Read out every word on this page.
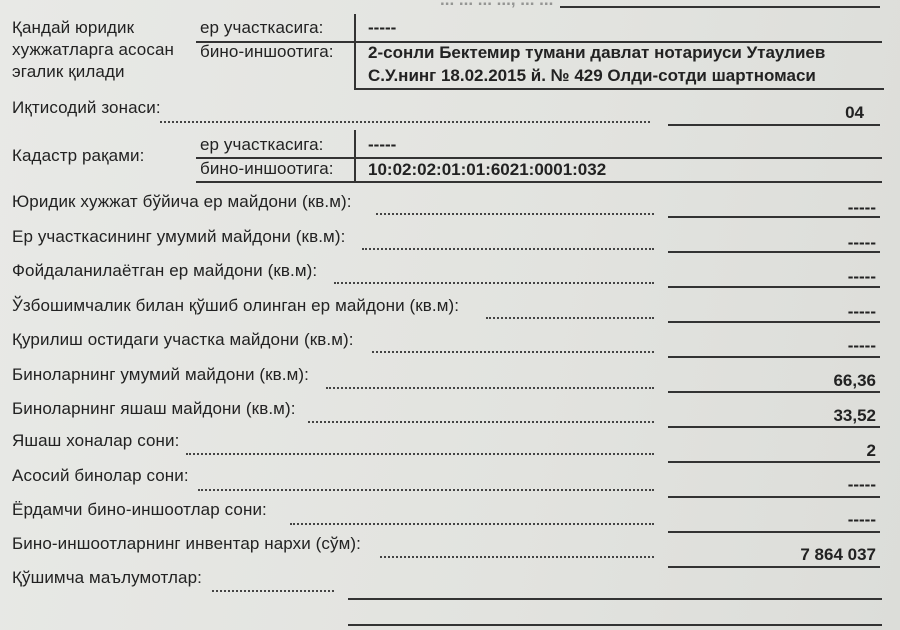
Қандай юридик
хужжатларга асосан
эгалик қилади
ер участкасига:	-----
бино-иншоотига: 2-сонли Бектемир тумани давлат нотариуси Утаулиев
С.У.нинг 18.02.2015 й. № 429 Олди-сотди шартномаси
Иқтисодий зонаси:	04
Кадастр рақами:
ер участкасига:	-----
бино-иншоотига: 10:02:02:01:01:6021:0001:032
Юридик хужжат бўйича ер майдони (кв.м):	-----
Ер участкасининг умумий майдони (кв.м):	-----
Фойдаланилаётган ер майдони (кв.м):	-----
Ўзбошимчалик билан қўшиб олинган ер майдони (кв.м):	-----
Қурилиш остидаги участка майдони (кв.м):	-----
Биноларнинг умумий майдони (кв.м):	66,36
Биноларнинг яшаш майдони (кв.м):	33,52
Яшаш хоналар сони:
2
Асосий бинолар сони:	-----
Ёрдамчи бино-иншоотлар сони:
-----
Бино-иншоотларнинг инвентар нархи (сўм):
7 864 037
Қўшимча маълумотлар:
